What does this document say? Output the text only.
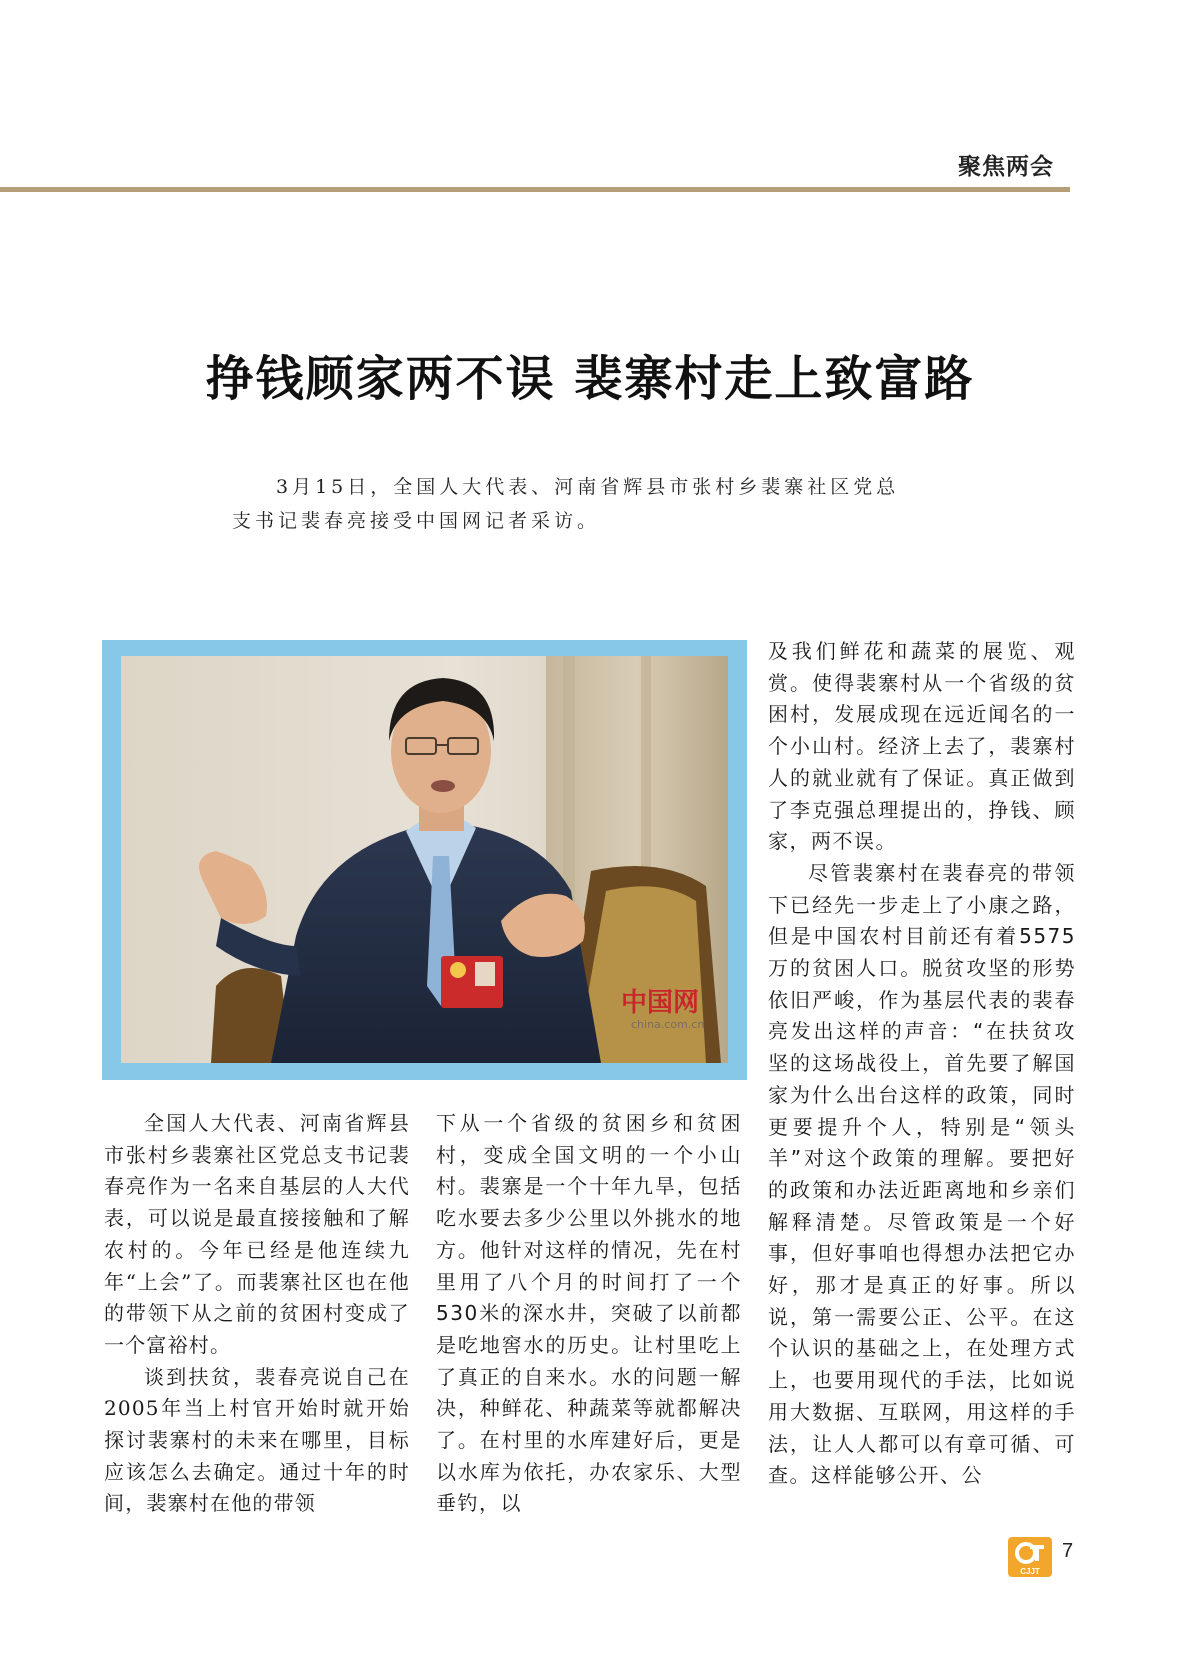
聚焦两会
挣钱顾家两不误 裴寨村走上致富路
3月15日，全国人大代表、河南省辉县市张村乡裴寨社区党总支书记裴春亮接受中国网记者采访。
中国网
china.com.cn

全国人大代表、河南省辉县市张村乡裴寨社区党总支书记裴春亮作为一名来自基层的人大代表，可以说是最直接接触和了解农村的。今年已经是他连续九年“上会”了。而裴寨社区也在他的带领下从之前的贫困村变成了一个富裕村。

谈到扶贫，裴春亮说自己在2005年当上村官开始时就开始探讨裴寨村的未来在哪里，目标应该怎么去确定。通过十年的时间，裴寨村在他的带领

下从一个省级的贫困乡和贫困村，变成全国文明的一个小山村。裴寨是一个十年九旱，包括吃水要去多少公里以外挑水的地方。他针对这样的情况，先在村里用了八个月的时间打了一个530米的深水井，突破了以前都是吃地窖水的历史。让村里吃上了真正的自来水。水的问题一解决，种鲜花、种蔬菜等就都解决了。在村里的水库建好后，更是以水库为依托，办农家乐、大型垂钓，以

及我们鲜花和蔬菜的展览、观赏。使得裴寨村从一个省级的贫困村，发展成现在远近闻名的一个小山村。经济上去了，裴寨村人的就业就有了保证。真正做到了李克强总理提出的，挣钱、顾家，两不误。

尽管裴寨村在裴春亮的带领下已经先一步走上了小康之路，但是中国农村目前还有着5575万的贫困人口。脱贫攻坚的形势依旧严峻，作为基层代表的裴春亮发出这样的声音：“在扶贫攻坚的这场战役上，首先要了解国家为什么出台这样的政策，同时更要提升个人，特别是“领头羊”对这个政策的理解。要把好的政策和办法近距离地和乡亲们解释清楚。尽管政策是一个好事，但好事咱也得想办法把它办好，那才是真正的好事。所以说，第一需要公正、公平。在这个认识的基础之上，在处理方式上，也要用现代的手法，比如说用大数据、互联网，用这样的手法，让人人都可以有章可循、可查。这样能够公开、公

CJJT
7
